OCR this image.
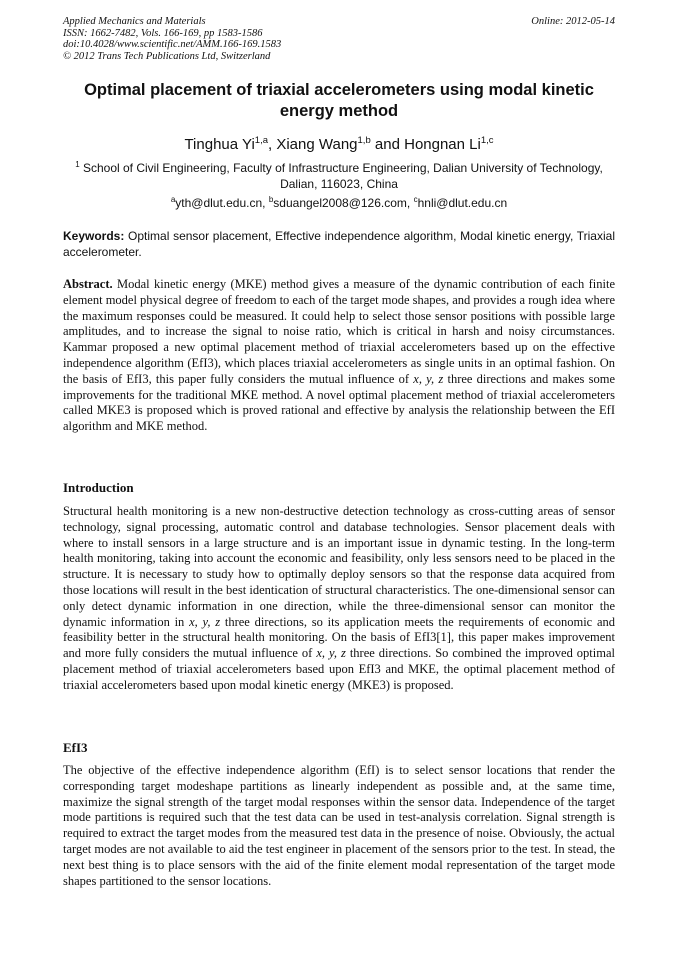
Applied Mechanics and Materials
ISSN: 1662-7482, Vols. 166-169, pp 1583-1586
doi:10.4028/www.scientific.net/AMM.166-169.1583
© 2012 Trans Tech Publications Ltd, Switzerland
Online: 2012-05-14
Optimal placement of triaxial accelerometers using modal kinetic energy method
Tinghua Yi$^{1,a}$, Xiang Wang$^{1,b}$ and Hongnan Li$^{1,c}$
$^1$ School of Civil Engineering, Faculty of Infrastructure Engineering, Dalian University of Technology, Dalian, 116023, China
$^a$yth@dlut.edu.cn, $^b$sduangel2008@126.com, $^c$hnli@dlut.edu.cn
Keywords: Optimal sensor placement, Effective independence algorithm, Modal kinetic energy, Triaxial accelerometer.
Abstract. Modal kinetic energy (MKE) method gives a measure of the dynamic contribution of each finite element model physical degree of freedom to each of the target mode shapes, and provides a rough idea where the maximum responses could be measured. It could help to select those sensor positions with possible large amplitudes, and to increase the signal to noise ratio, which is critical in harsh and noisy circumstances. Kammar proposed a new optimal placement method of triaxial accelerometers based up on the effective independence algorithm (EfI3), which places triaxial accelerometers as single units in an optimal fashion. On the basis of EfI3, this paper fully considers the mutual influence of x, y, z three directions and makes some improvements for the traditional MKE method. A novel optimal placement method of triaxial accelerometers called MKE3 is proposed which is proved rational and effective by analysis the relationship between the EfI algorithm and MKE method.
Introduction
Structural health monitoring is a new non-destructive detection technology as cross-cutting areas of sensor technology, signal processing, automatic control and database technologies. Sensor placement deals with where to install sensors in a large structure and is an important issue in dynamic testing. In the long-term health monitoring, taking into account the economic and feasibility, only less sensors need to be placed in the structure. It is necessary to study how to optimally deploy sensors so that the response data acquired from those locations will result in the best identication of structural characteristics. The one-dimensional sensor can only detect dynamic information in one direction, while the three-dimensional sensor can monitor the dynamic information in x, y, z three directions, so its application meets the requirements of economic and feasibility better in the structural health monitoring. On the basis of EfI3[1], this paper makes improvement and more fully considers the mutual influence of x, y, z three directions. So combined the improved optimal placement method of triaxial accelerometers based upon EfI3 and MKE, the optimal placement method of triaxial accelerometers based upon modal kinetic energy (MKE3) is proposed.
EfI3
The objective of the effective independence algorithm (EfI) is to select sensor locations that render the corresponding target modeshape partitions as linearly independent as possible and, at the same time, maximize the signal strength of the target modal responses within the sensor data. Independence of the target mode partitions is required such that the test data can be used in test-analysis correlation. Signal strength is required to extract the target modes from the measured test data in the presence of noise. Obviously, the actual target modes are not available to aid the test engineer in placement of the sensors prior to the test. In stead, the next best thing is to place sensors with the aid of the finite element modal representation of the target mode shapes partitioned to the sensor locations.
